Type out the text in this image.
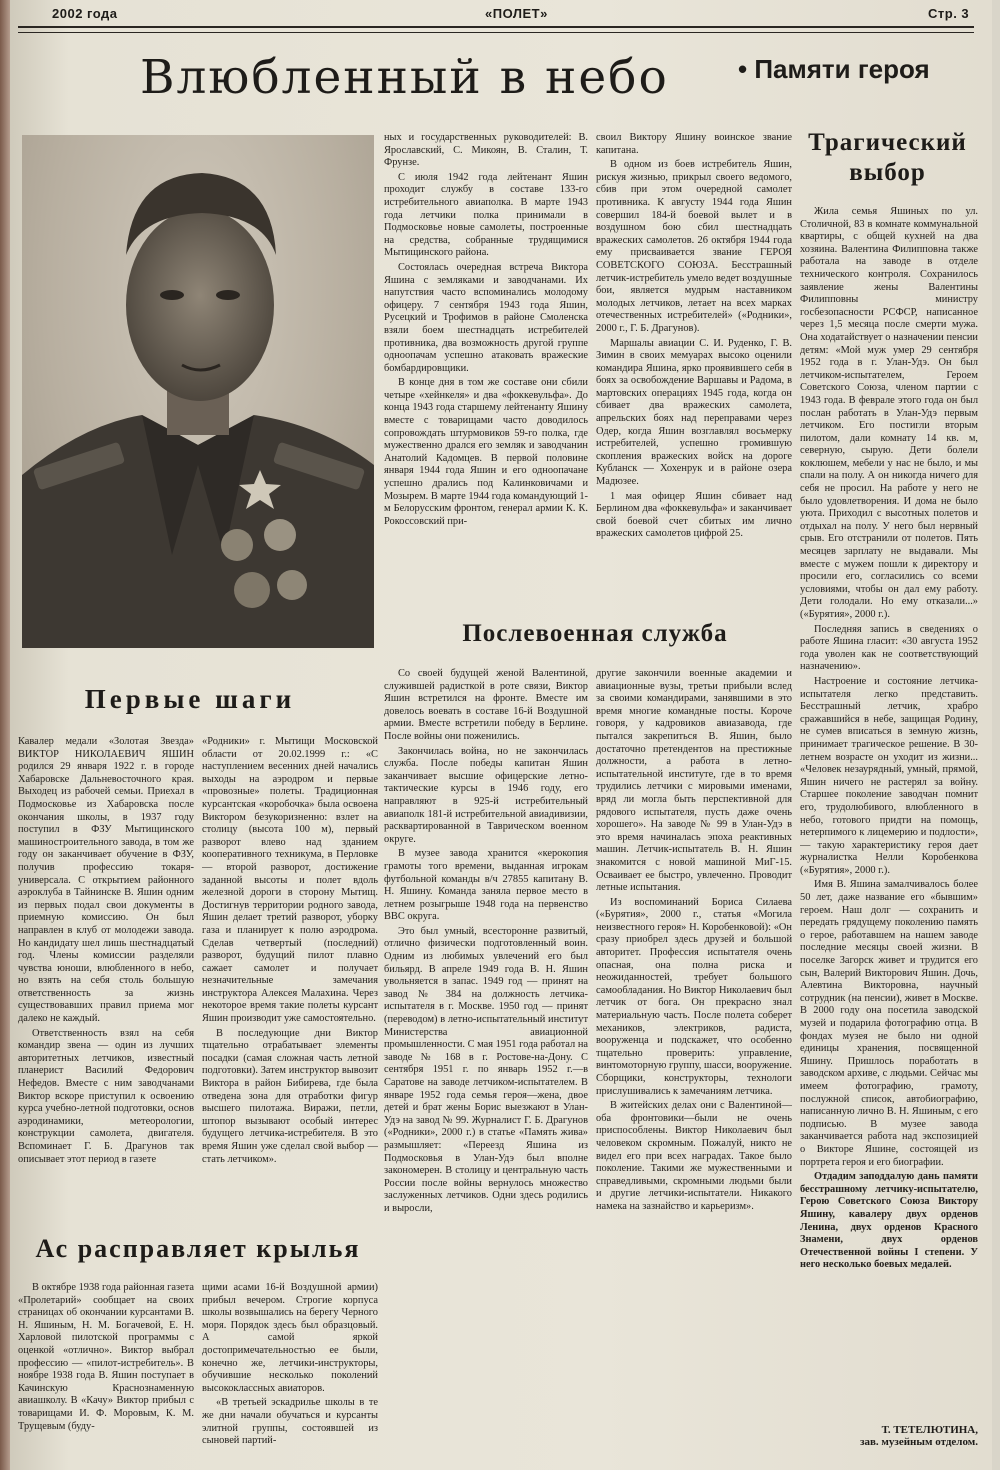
2002 года	«ПОЛЕТ»	Стр. 3
Влюбленный в небо	• Памяти героя

ных и государственных руководителей: В. Ярославский, С. Микоян, В. Сталин, Т. Фрунзе.

С июля 1942 года лейтенант Яшин проходит службу в составе 133-го истребительного авиаполка. В марте 1943 года летчики полка принимали в Подмосковье новые самолеты, построенные на средства, собранные трудящимися Мытищинского района.

Состоялась очередная встреча Виктора Яшина с земляками и заводчанами. Их напутствия часто вспоминались молодому офицеру. 7 сентября 1943 года Яшин, Русецкий и Трофимов в районе Смоленска взяли боем шестнадцать истребителей противника, два возможность другой группе одноопачам успешно атаковать вражеские бомбардировщики.

В конце дня в том же составе они сбили четыре «хейнкеля» и два «фоккевульфа». До конца 1943 года старшему лейтенанту Яшину вместе с товарищами часто доводилось сопровождать штурмовиков 59-го полка, где мужественно дрался его земляк и заводчанин Анатолий Кадомцев. В первой половине января 1944 года Яшин и его одноопачане успешно дрались под Калинковичами и Мозырем. В марте 1944 года командующий 1-м Белорусским фронтом, генерал армии К. К. Рокоссовский при-

своил Виктору Яшину воинское звание капитана.

В одном из боев истребитель Яшин, рискуя жизнью, прикрыл своего ведомого, сбив при этом очередной самолет противника. К августу 1944 года Яшин совершил 184-й боевой вылет и в воздушном бою сбил шестнадцать вражеских самолетов. 26 октября 1944 года ему присваивается звание ГЕРОЯ СОВЕТСКОГО СОЮЗА. Бесстрашный летчик-истребитель умело ведет воздушные бои, является мудрым наставником молодых летчиков, летает на всех марках отечественных истребителей» («Родники», 2000 г., Г. Б. Драгунов).

Маршалы авиации С. И. Руденко, Г. В. Зимин в своих мемуарах высоко оценили командира Яшина, ярко проявившего себя в боях за освобождение Варшавы и Радома, в мартовских операциях 1945 года, когда он сбивает два вражеских самолета, апрельских боях над переправами через Одер, когда Яшин возглавлял восьмерку истребителей, успешно громившую скопления вражеских войск на дороге Кубланск — Хохенрук и в районе озера Мадюзее.

1 мая офицер Яшин сбивает над Берлином два «фоккевульфа» и заканчивает свой боевой счет сбитых им лично вражеских самолетов цифрой 25.

Трагический выбор

Жила семья Яшиных по ул. Столичной, 83 в комнате коммунальной квартиры, с общей кухней на два хозяина. Валентина Филипповна также работала на заводе в отделе технического контроля. Сохранилось заявление жены Валентины Филипповны министру госбезопасности РСФСР, написанное через 1,5 месяца после смерти мужа. Она ходатайствует о назначении пенсии детям: «Мой муж умер 29 сентября 1952 года в г. Улан-Удэ. Он был летчиком-испытателем, Героем Советского Союза, членом партии с 1943 года. В феврале этого года он был послан работать в Улан-Удэ первым летчиком. Его постигли вторым пилотом, дали комнату 14 кв. м, северную, сырую. Дети болели коклюшем, мебели у нас не было, и мы спали на полу. А он никогда ничего для себя не просил. На работе у него не было удовлетворения. И дома не было уюта. Приходил с высотных полетов и отдыхал на полу. У него был нервный срыв. Его отстранили от полетов. Пять месяцев зарплату не выдавали. Мы вместе с мужем пошли к директору и просили его, согласились со всеми условиями, чтобы он дал ему работу. Дети голодали. Но ему отказали...» («Бурятия», 2000 г.).

Последняя запись в сведениях о работе Яшина гласит: «30 августа 1952 года уволен как не соответствующий назначению».

Настроение и состояние летчика-испытателя легко представить. Бесстрашный летчик, храбро сражавшийся в небе, защищая Родину, не сумев вписаться в земную жизнь, принимает трагическое решение. В 30-летнем возрасте он уходит из жизни... «Человек незаурядный, умный, прямой, Яшин ничего не растерял за войну. Старшее поколение заводчан помнит его, трудолюбивого, влюбленного в небо, готового придти на помощь, нетерпимого к лицемерию и подлости»,— такую характеристику героя дает журналистка Нелли Коробенкова («Бурятия», 2000 г.).

Имя В. Яшина замалчивалось более 50 лет, даже название его «бывшим» героем. Наш долг — сохранить и передать грядущему поколению память о герое, работавшем на нашем заводе последние месяцы своей жизни. В поселке Загорск живет и трудится его сын, Валерий Викторович Яшин. Дочь, Алевтина Викторовна, научный сотрудник (на пенсии), живет в Москве. В 2000 году она посетила заводской музей и подарила фотографию отца. В фондах музея не было ни одной единицы хранения, посвященной Яшину. Пришлось поработать в заводском архиве, с людьми. Сейчас мы имеем фотографию, грамоту, послужной список, автобиографию, написанную лично В. Н. Яшиным, с его подписью. В музее завода заканчивается работа над экспозицией о Викторе Яшине, состоящей из портрета героя и его биографии.

Отдадим заподдалую дань памяти бесстрашному летчику-испытателю, Герою Советского Союза Виктору Яшину, кавалеру двух орденов Ленина, двух орденов Красного Знамени, двух орденов Отечественной войны I степени. У него несколько боевых медалей.

Т. ТЕТЕЛЮТИНА,
зав. музейным отделом.
Послевоенная служба

Со своей будущей женой Валентиной, служившей радисткой в роте связи, Виктор Яшин встретился на фронте. Вместе им довелось воевать в составе 16-й Воздушной армии. Вместе встретили победу в Берлине. После войны они поженились.

Закончилась война, но не закончилась служба. После победы капитан Яшин заканчивает высшие офицерские летно-тактические курсы в 1946 году, его направляют в 925-й истребительный авиаполк 181-й истребительной авиадивизии, расквартированной в Таврическом военном округе.

В музее завода хранится «керокопия грамоты того времени, выданная игрокам футбольной команды в/ч 27855 капитану В. Н. Яшину. Команда заняла первое место в летнем розыгрыше 1948 года на первенство ВВС округа.

Это был умный, всесторонне развитый, отлично физически подготовленный воин. Одним из любимых увлечений его был бильярд. В апреле 1949 года В. Н. Яшин увольняется в запас. 1949 год — принят на завод № 384 на должность летчика-испытателя в г. Москве. 1950 год — принят (переводом) в летно-испытательный институт Министерства авиационной промышленности. С мая 1951 года работал на заводе № 168 в г. Ростове-на-Дону. С сентября 1951 г. по январь 1952 г.—в Саратове на заводе летчиком-испытателем. В январе 1952 года семья героя—жена, двое детей и брат жены Борис выезжают в Улан-Удэ на завод № 99. Журналист Г. Б. Драгунов («Родники», 2000 г.) в статье «Память жива» размышляет: «Переезд Яшина из Подмосковья в Улан-Удэ был вполне закономерен. В столицу и центральную часть России после войны вернулось множество заслуженных летчиков. Одни здесь родились и выросли,

другие закончили военные академии и авиационные вузы, третьи прибыли вслед за своими командирами, занявшими в это время многие командные посты. Короче говоря, у кадровиков авиазавода, где пытался закрепиться В. Яшин, было достаточно претендентов на престижные должности, а работа в летно-испытательной институте, где в то время трудились летчики с мировыми именами, вряд ли могла быть перспективной для рядового испытателя, пусть даже очень хорошего». На заводе № 99 в Улан-Удэ в это время начиналась эпоха реактивных машин. Летчик-испытатель В. Н. Яшин знакомится с новой машиной МиГ-15. Осваивает ее быстро, увлеченно. Проводит летные испытания.

Из воспоминаний Бориса Силаева («Бурятия», 2000 г., статья «Могила неизвестного героя» Н. Коробенковой): «Он сразу приобрел здесь друзей и большой авторитет. Профессия испытателя очень опасная, она полна риска и неожиданностей, требует большого самообладания. Но Виктор Николаевич был летчик от бога. Он прекрасно знал материальную часть. После полета соберет механиков, электриков, радиста, вооруженца и подскажет, что особенно тщательно проверить: управление, винтомоторную группу, шасси, вооружение. Сборщики, конструкторы, технологи прислушивались к замечаниям летчика.

В житейских делах они с Валентиной—оба фронтовики—были не очень приспособлены. Виктор Николаевич был человеком скромным. Пожалуй, никто не видел его при всех наградах. Такое было поколение. Такими же мужественными и справедливыми, скромными людьми были и другие летчики-испытатели. Никакого намека на зазнайство и карьеризм».

Первые шаги

Кавалер медали «Золотая Звезда» ВИКТОР НИКОЛАЕВИЧ ЯШИН родился 29 января 1922 г. в городе Хабаровске Дальневосточного края. Выходец из рабочей семьи. Приехал в Подмосковье из Хабаровска после окончания школы, в 1937 году поступил в ФЗУ Мытищинского машиностроительного завода, в том же году он заканчивает обучение в ФЗУ, получив профессию токаря-универсала. С открытием районного аэроклуба в Тайнинске В. Яшин одним из первых подал свои документы в приемную комиссию. Он был направлен в клуб от молодежи завода. Но кандидату шел лишь шестнадцатый год. Члены комиссии разделяли чувства юноши, влюбленного в небо, но взять на себя столь большую ответственность за жизнь существовавших правил приема мог далеко не каждый.

Ответственность взял на себя командир звена — один из лучших авторитетных летчиков, известный планерист Василий Федорович Нефедов. Вместе с ним заводчанами Виктор вскоре приступил к освоению курса учебно-летной подготовки, основ аэродинамики, метеорологии, конструкции самолета, двигателя. Вспоминает Г. Б. Драгунов так описывает этот период в газете

«Родники» г. Мытищи Московской области от 20.02.1999 г.: «С наступлением весенних дней начались выходы на аэродром и первые «провозные» полеты. Традиционная курсантская «коробочка» была освоена Виктором безукоризненно: взлет на столицу (высота 100 м), первый разворот влево над зданием кооперативного техникума, в Перловке — второй разворот, достижение заданной высоты и полет вдоль железной дороги в сторону Мытищ. Достигнув территории родного завода, Яшин делает третий разворот, уборку газа и планирует к полю аэродрома. Сделав четвертый (последний) разворот, будущий пилот плавно сажает самолет и получает незначительные замечания инструктора Алексея Малахина. Через некоторое время такие полеты курсант Яшин производит уже самостоятельно.

В последующие дни Виктор тщательно отрабатывает элементы посадки (самая сложная часть летной подготовки). Затем инструктор вывозит Виктора в район Бибирева, где была отведена зона для отработки фигур высшего пилотажа. Виражи, петли, штопор вызывают особый интерес будущего летчика-истребителя. В это время Яшин уже сделал свой выбор — стать летчиком».

Ас расправляет крылья

В октябре 1938 года районная газета «Пролетарий» сообщает на своих страницах об окончании курсантами В. Н. Яшиным, Н. М. Богачевой, Е. Н. Харловой пилотской программы с оценкой «отлично». Виктор выбрал профессию — «пилот-истребитель». В ноябре 1938 года В. Яшин поступает в Качинскую Краснознаменную авиашколу. В «Качу» Виктор прибыл с товарищами И. Ф. Моровым, К. М. Трущевым (буду-

щими асами 16-й Воздушной армии) прибыл вечером. Строгие корпуса школы возвышались на берегу Черного моря. Порядок здесь был образцовый. А самой яркой достопримечательностью ее были, конечно же, летчики-инструкторы, обучившие несколько поколений высококлассных авиаторов.

«В третьей эскадрилье школы в те же дни начали обучаться и курсанты элитной группы, состоявшей из сыновей партий-
